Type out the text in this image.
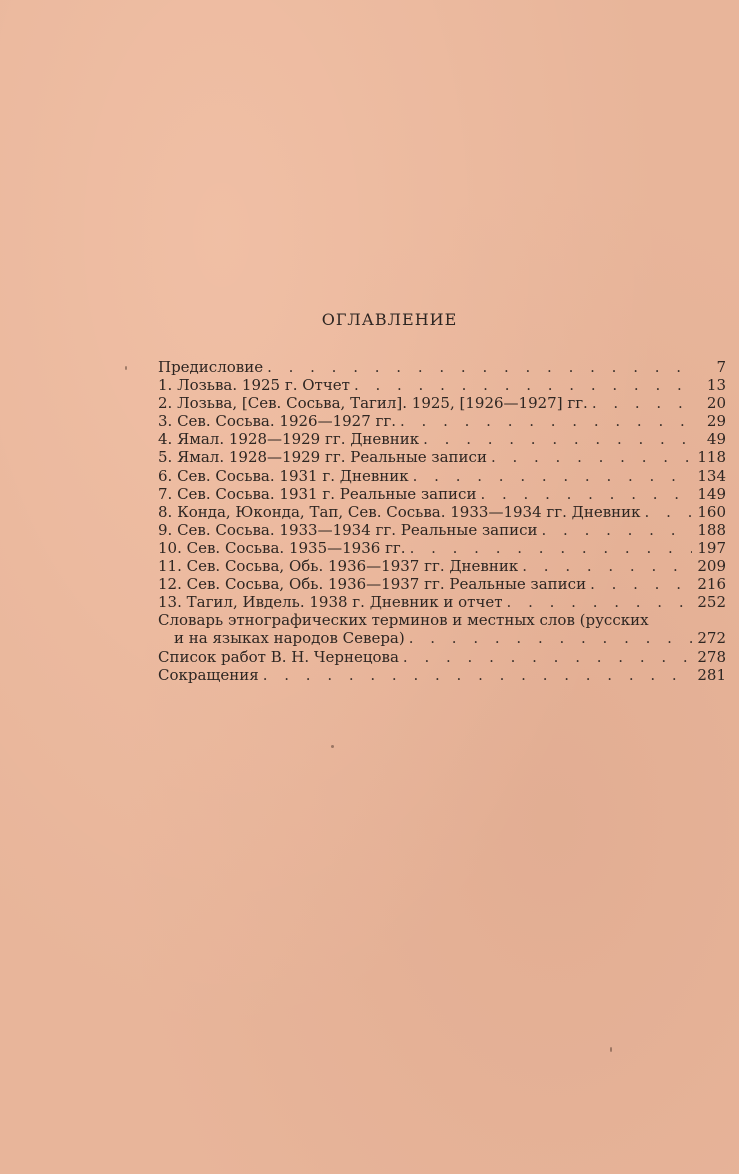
ОГЛАВЛЕНИЕ
Предисловие . . .	7
1. Лозьва. 1925 г. Отчет . . .	13
2. Лозьва, [Сев. Сосьва, Тагил]. 1925, [1926—1927] гг. . . .	20
3. Сев. Сосьва. 1926—1927 гг. . . .	29
4. Ямал. 1928—1929 гг. Дневник . . .	49
5. Ямал. 1928—1929 гг. Реальные записи . . .	118
6. Сев. Сосьва. 1931 г. Дневник . . .	134
7. Сев. Сосьва. 1931 г. Реальные записи . . .	149
8. Конда, Юконда, Тап, Сев. Сосьва. 1933—1934 гг. Дневник . . .	160
9. Сев. Сосьва. 1933—1934 гг. Реальные записи . . .	188
10. Сев. Сосьва. 1935—1936 гг. . . .	197
11. Сев. Сосьва, Обь. 1936—1937 гг. Дневник . . .	209
12. Сев. Сосьва, Обь. 1936—1937 гг. Реальные записи . . .	216
13. Тагил, Ивдель. 1938 г. Дневник и отчет . . .	252
Словарь этнографических терминов и местных слов (русских
и на языках народов Севера) . . .	272
Список работ В. Н. Чернецова . . .	278
Сокращения . . .	281
